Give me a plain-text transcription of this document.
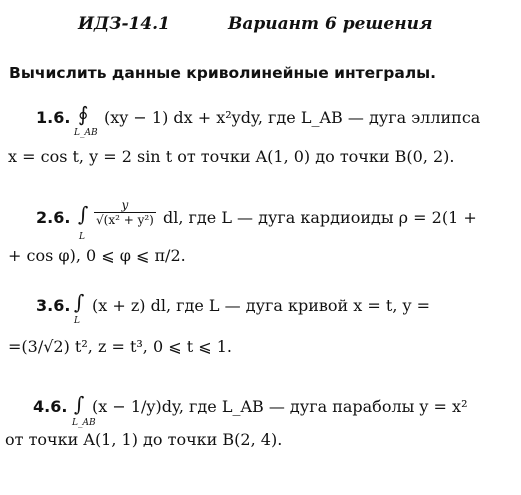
ИДЗ-14.1	Вариант 6 решения
Вычислить данные криволинейные интегралы.
1.6. ∮
L_AB
(xy − 1) dx + x²ydy, где L_AB — дуга эллипса
x = cos t, y = 2 sin t от точки A(1, 0) до точки B(0, 2).
2.6. ∫
L
$\frac{y}{\text{√(x² + y²)}}$ dl, где L — дуга кардиоиды ρ = 2(1 +
+ cos φ), 0 ⩽ φ ⩽ π/2.
3.6. ∫
L
(x + z) dl, где L — дуга кривой x = t, y =
=(3/√2) t², z = t³, 0 ⩽ t ⩽ 1.
4.6. ∫
L_AB
(x − 1/y)dy, где L_AB — дуга параболы y = x²
от точки A(1, 1) до точки B(2, 4).
